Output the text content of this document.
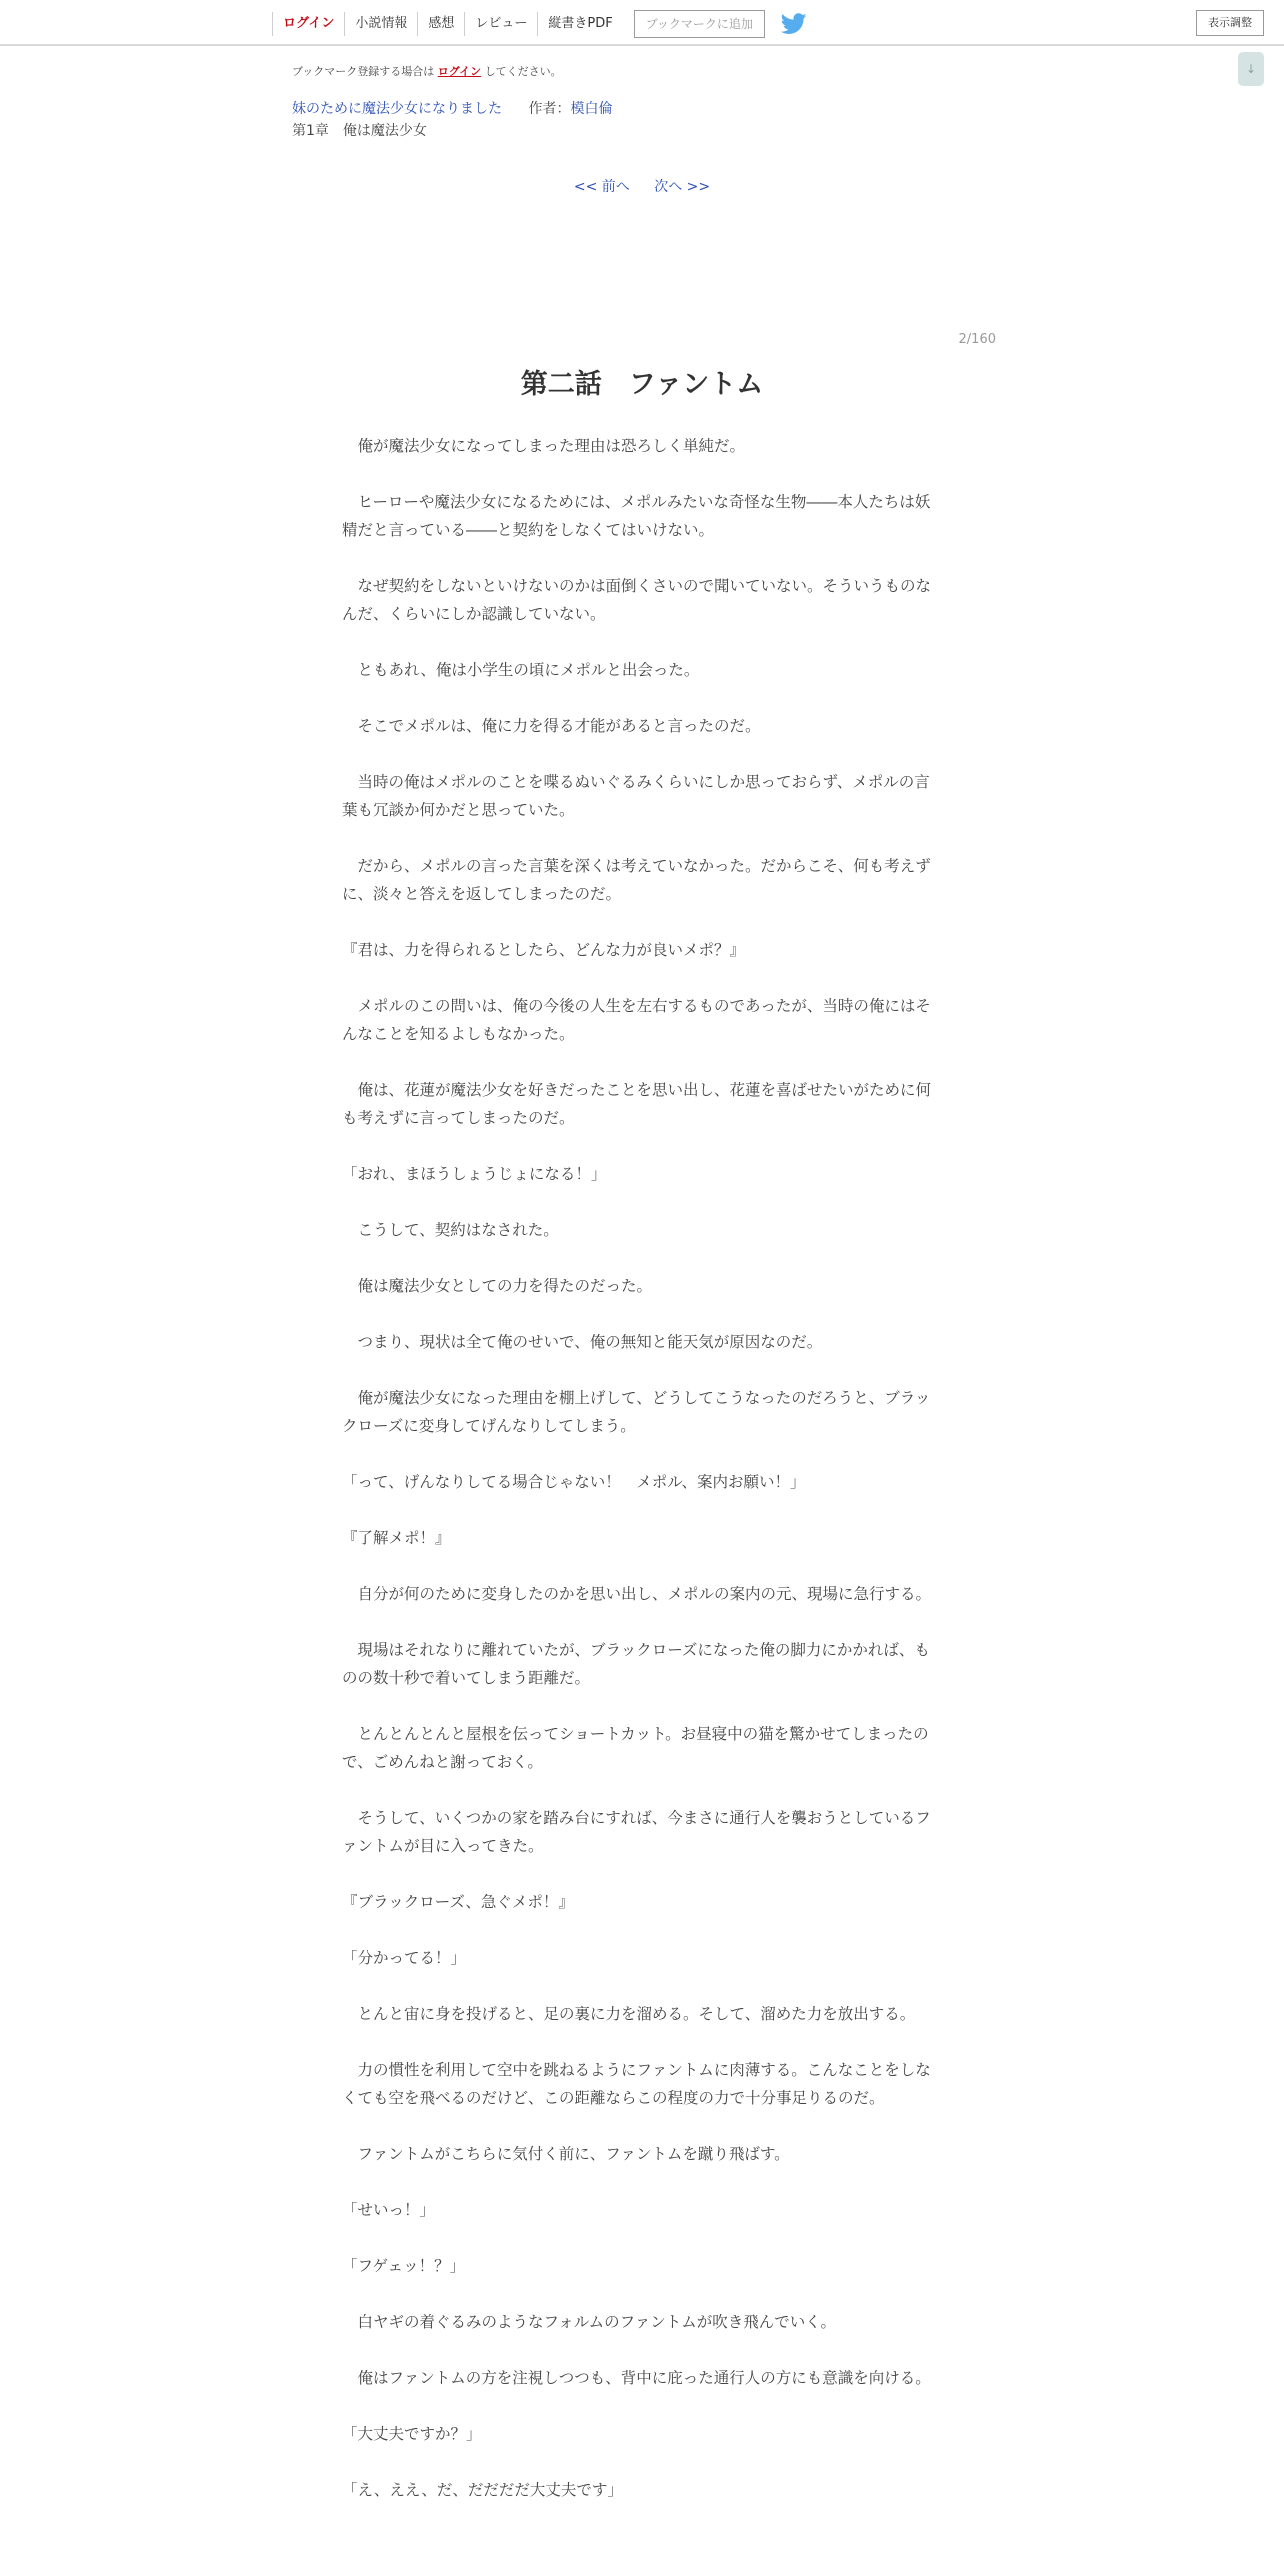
ログイン	小説情報	感想	レビュー	縦書きPDF	ブックマークに追加	表示調整
↓
ブックマーク登録する場合は ログイン してください。
妹のために魔法少女になりました 作者：模白倫
第1章　俺は魔法少女
<< 前へ 次へ >>
2/160
第二話　ファントム

　俺が魔法少女になってしまった理由は恐ろしく単純だ。

　ヒーローや魔法少女になるためには、メポルみたいな奇怪な生物――本人たちは妖精だと言っている――と契約をしなくてはいけない。

　なぜ契約をしないといけないのかは面倒くさいので聞いていない。そういうものなんだ、くらいにしか認識していない。

　ともあれ、俺は小学生の頃にメポルと出会った。

　そこでメポルは、俺に力を得る才能があると言ったのだ。

　当時の俺はメポルのことを喋るぬいぐるみくらいにしか思っておらず、メポルの言葉も冗談か何かだと思っていた。

　だから、メポルの言った言葉を深くは考えていなかった。だからこそ、何も考えずに、淡々と答えを返してしまったのだ。

『君は、力を得られるとしたら、どんな力が良いメポ？』

　メポルのこの問いは、俺の今後の人生を左右するものであったが、当時の俺にはそんなことを知るよしもなかった。

　俺は、花蓮が魔法少女を好きだったことを思い出し、花蓮を喜ばせたいがために何も考えずに言ってしまったのだ。

「おれ、まほうしょうじょになる！」

　こうして、契約はなされた。

　俺は魔法少女としての力を得たのだった。

　つまり、現状は全て俺のせいで、俺の無知と能天気が原因なのだ。

　俺が魔法少女になった理由を棚上げして、どうしてこうなったのだろうと、ブラックローズに変身してげんなりしてしまう。

「って、げんなりしてる場合じゃない！　メポル、案内お願い！」

『了解メポ！』

　自分が何のために変身したのかを思い出し、メポルの案内の元、現場に急行する。

　現場はそれなりに離れていたが、ブラックローズになった俺の脚力にかかれば、ものの数十秒で着いてしまう距離だ。

　とんとんとんと屋根を伝ってショートカット。お昼寝中の猫を驚かせてしまったので、ごめんねと謝っておく。

　そうして、いくつかの家を踏み台にすれば、今まさに通行人を襲おうとしているファントムが目に入ってきた。

『ブラックローズ、急ぐメポ！』

「分かってる！」

　とんと宙に身を投げると、足の裏に力を溜める。そして、溜めた力を放出する。

　力の慣性を利用して空中を跳ねるようにファントムに肉薄する。こんなことをしなくても空を飛べるのだけど、この距離ならこの程度の力で十分事足りるのだ。

　ファントムがこちらに気付く前に、ファントムを蹴り飛ばす。

「せいっ！」

「フゲェッ！？」

　白ヤギの着ぐるみのようなフォルムのファントムが吹き飛んでいく。

　俺はファントムの方を注視しつつも、背中に庇った通行人の方にも意識を向ける。

「大丈夫ですか？」

「え、ええ、だ、だだだだ大丈夫です」
